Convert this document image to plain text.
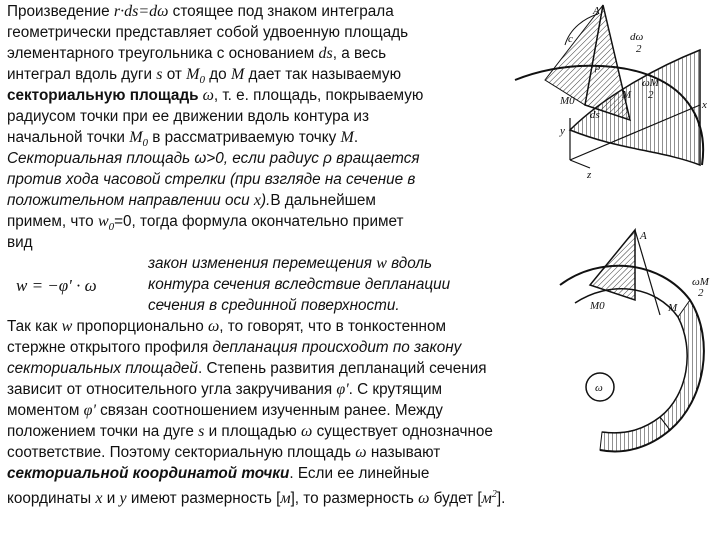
Произведение r·ds=dω стоящее под знаком интеграла
геометрически представляет собой удвоенную площадь
элементарного треугольника с основанием ds, а весь
интеграл вдоль дуги s от $M_0$ до M дает так называемую
секториальную площадь ω, т. е. площадь, покрываемую
радиусом точки при ее движении вдоль контура из
начальной точки $M_0$ в рассматриваемую точку M.
Секториальная площадь ω>0, если радиус ρ вращается
против хода часовой стрелки (при взгляде на сечение в
положительном направлении оси x).В дальнейшем
примем, что $w_0=0$, тогда формула окончательно примет
вид
w = −φ' · ω
закон изменения перемещения w вдоль
контура сечения вследствие депланации
сечения в срединной поверхности.
Так как w пропорционально ω, то говорят, что в тонкостенном
стержне открытого профиля депланация происходит по закону
секториальных площадей. Степень развития депланаций сечения
зависит от относительного угла закручивания φ'. С крутящим
моментом φ' связан соотношением изученным ранее. Между
положением точки на дуге s и площадью ω существует однозначное
соответствие. Поэтому секториальную площадь ω называют
секториальной координатой точки. Если ее линейные
координаты x и y имеют размерность [м], то размерность ω будет $[м^2]$.
A
c	dω
2
ρ
ds
M
M0
ωM
2
y
x
z
A
ωM
2
M
M0
ω
